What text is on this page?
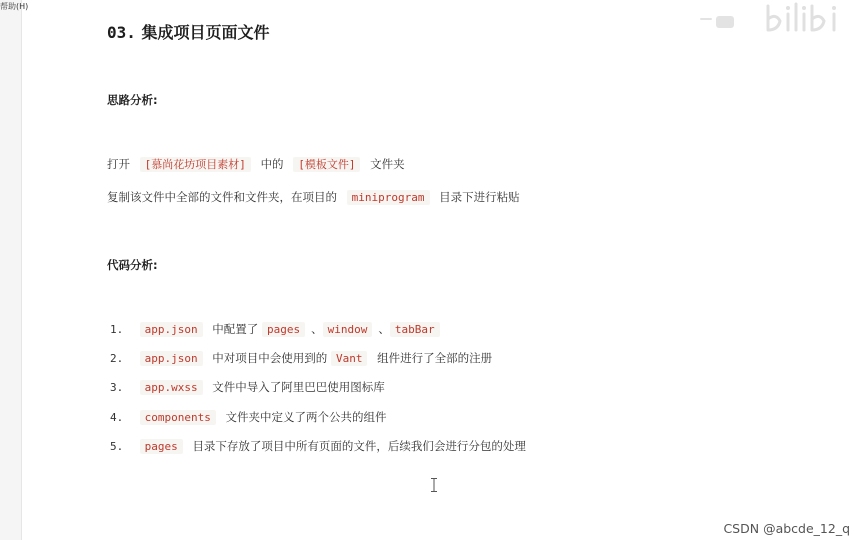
帮助(H)
03. 集成项目页面文件
思路分析:
打开 [慕尚花坊项目素材] 中的 [模板文件] 文件夹
复制该文件中全部的文件和文件夹，在项目的 miniprogram 目录下进行粘贴
代码分析:
1. app.json 中配置了 pages 、 window 、 tabBar
2. app.json 中对项目中会使用到的 Vant 组件进行了全部的注册
3. app.wxss 文件中导入了阿里巴巴使用图标库
4. components 文件夹中定义了两个公共的组件
5. pages 目录下存放了项目中所有页面的文件，后续我们会进行分包的处理
CSDN @abcde_12_q
